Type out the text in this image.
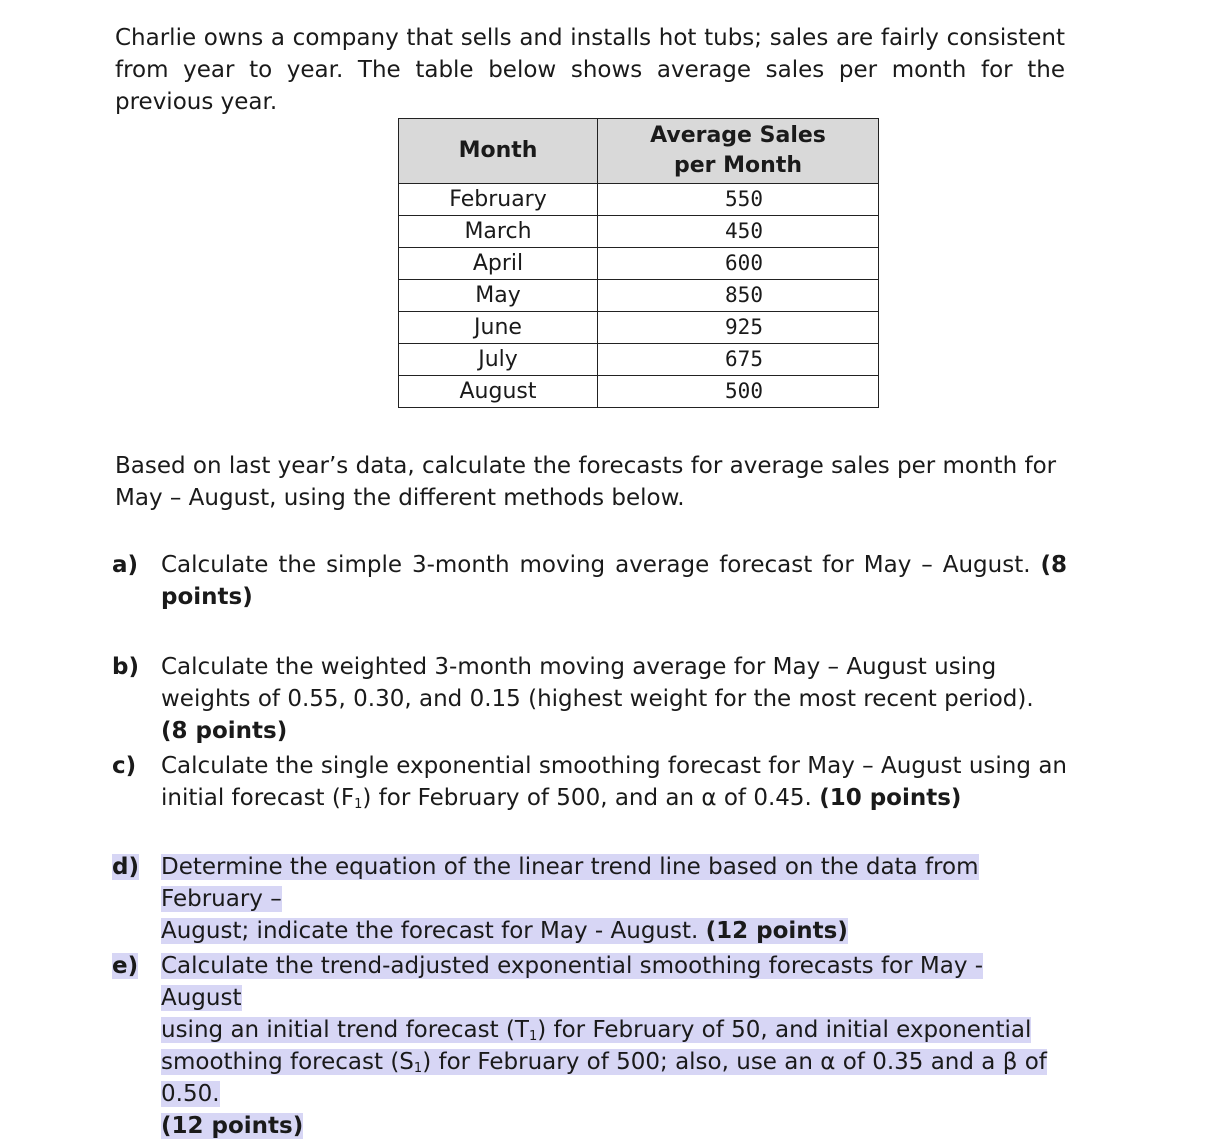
Charlie owns a company that sells and installs hot tubs; sales are fairly consistent from year to year. The table below shows average sales per month for the previous year.

Month	Average Sales per Month
February	550
March	450
April	600
May	850
June	925
July	675
August	500

Based on last year’s data, calculate the forecasts for average sales per month for May – August, using the different methods below.

a) Calculate the simple 3-month moving average forecast for May – August. (8 points)
b) Calculate the weighted 3-month moving average for May – August using weights of 0.55, 0.30, and 0.15 (highest weight for the most recent period). (8 points)
c)	Calculate the single exponential smoothing forecast for May – August using an initial forecast $(F_1)$ for February of 500, and an α of 0.45. (10 points)
d) Determine the equation of the linear trend line based on the data from February –
August; indicate the forecast for May - August. (12 points)
e) Calculate the trend-adjusted exponential smoothing forecasts for May - August
using an initial trend forecast $(T_1)$ for February of 50, and initial exponential
smoothing forecast $(S_1)$ for February of 500; also, use an α of 0.35 and a β of 0.50.
(12 points)
